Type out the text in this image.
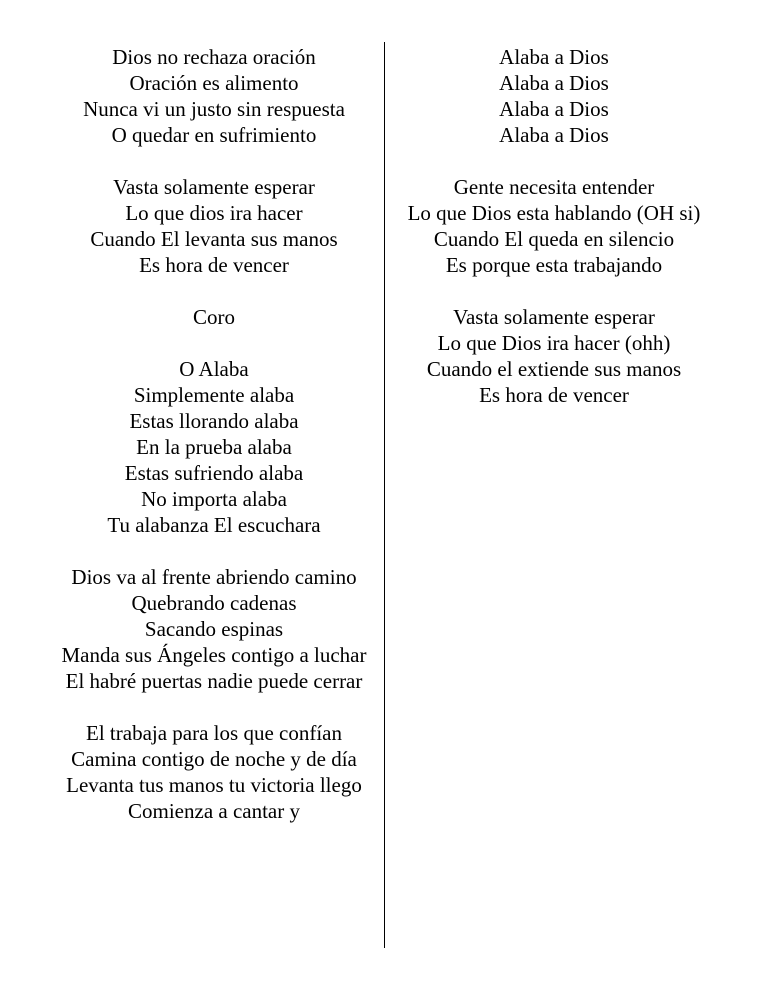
Dios no rechaza oración
Oración es alimento
Nunca vi un justo sin respuesta
O quedar en sufrimiento
Vasta solamente esperar
Lo que dios ira hacer
Cuando El levanta sus manos
Es hora de vencer
Coro
O Alaba
Simplemente alaba
Estas llorando alaba
En la prueba alaba
Estas sufriendo alaba
No importa alaba
Tu alabanza El escuchara
Dios va al frente abriendo camino
Quebrando cadenas
Sacando espinas
Manda sus Ángeles contigo a luchar
El habré puertas nadie puede cerrar
El trabaja para los que confían
Camina contigo de noche y de día
Levanta tus manos tu victoria llego
Comienza a cantar y
Alaba a Dios
Alaba a Dios
Alaba a Dios
Alaba a Dios
Gente necesita entender
Lo que Dios esta hablando (OH si)
Cuando El queda en silencio
Es porque esta trabajando
Vasta solamente esperar
Lo que Dios ira hacer (ohh)
Cuando el extiende sus manos
Es hora de vencer
